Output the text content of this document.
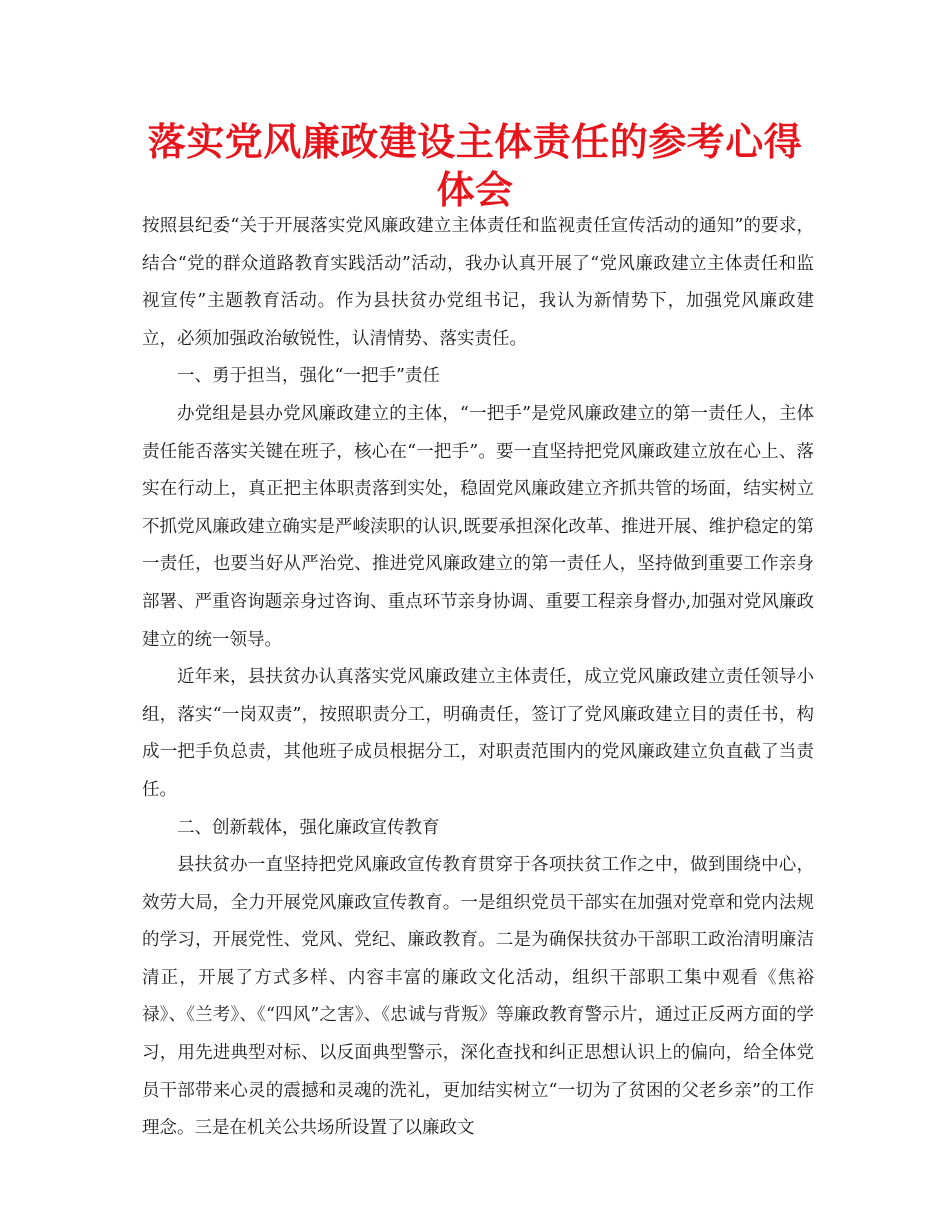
落实党风廉政建设主体责任的参考心得体会

按照县纪委“关于开展落实党风廉政建立主体责任和监视责任宣传活动的通知”的要求，结合“党的群众道路教育实践活动”活动，我办认真开展了“党风廉政建立主体责任和监视宣传”主题教育活动。作为县扶贫办党组书记，我认为新情势下，加强党风廉政建立，必须加强政治敏锐性，认清情势、落实责任。

一、勇于担当，强化“一把手”责任

办党组是县办党风廉政建立的主体，“一把手”是党风廉政建立的第一责任人，主体责任能否落实关键在班子，核心在“一把手”。要一直坚持把党风廉政建立放在心上、落实在行动上，真正把主体职责落到实处，稳固党风廉政建立齐抓共管的场面，结实树立不抓党风廉政建立确实是严峻渎职的认识,既要承担深化改革、推进开展、维护稳定的第一责任，也要当好从严治党、推进党风廉政建立的第一责任人，坚持做到重要工作亲身部署、严重咨询题亲身过咨询、重点环节亲身协调、重要工程亲身督办,加强对党风廉政建立的统一领导。

近年来，县扶贫办认真落实党风廉政建立主体责任，成立党风廉政建立责任领导小组，落实“一岗双责”，按照职责分工，明确责任，签订了党风廉政建立目的责任书，构成一把手负总责，其他班子成员根据分工，对职责范围内的党风廉政建立负直截了当责任。

二、创新载体，强化廉政宣传教育

县扶贫办一直坚持把党风廉政宣传教育贯穿于各项扶贫工作之中，做到围绕中心，效劳大局，全力开展党风廉政宣传教育。一是组织党员干部实在加强对党章和党内法规的学习，开展党性、党风、党纪、廉政教育。二是为确保扶贫办干部职工政治清明廉洁清正，开展了方式多样、内容丰富的廉政文化活动，组织干部职工集中观看《焦裕禄》、《兰考》、《“四风”之害》、《忠诚与背叛》等廉政教育警示片，通过正反两方面的学习，用先进典型对标、以反面典型警示，深化查找和纠正思想认识上的偏向，给全体党员干部带来心灵的震撼和灵魂的洗礼，更加结实树立“一切为了贫困的父老乡亲”的工作理念。三是在机关公共场所设置了以廉政文
